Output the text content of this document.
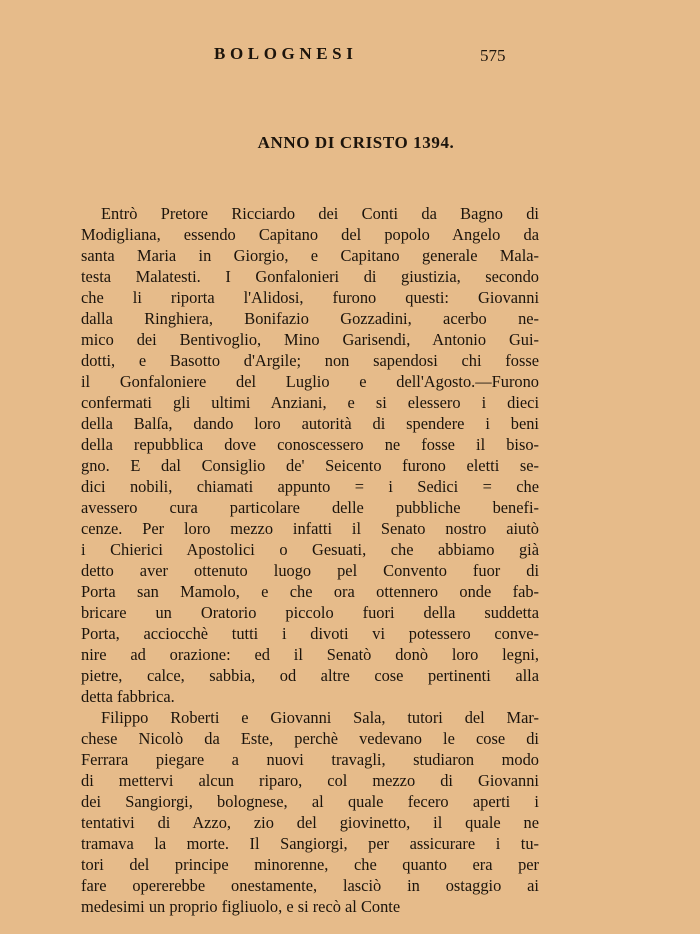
BOLOGNESI	575
ANNO DI CRISTO 1394.
Entrò Pretore Ricciardo dei Conti da Bagno di
Modigliana, essendo Capitano del popolo Angelo da
santa Maria in Giorgio, e Capitano generale Mala-
testa Malatesti. I Gonfalonieri di giustizia, secondo
che li riporta l'Alidosi, furono questi: Giovanni
dalla Ringhiera, Bonifazio Gozzadini, acerbo ne-
mico dei Bentivoglio, Mino Garisendi, Antonio Gui-
dotti, e Basotto d'Argile; non sapendosi chi fosse
il Gonfaloniere del Luglio e dell'Agosto.—Furono
confermati gli ultimi Anziani, e si elessero i dieci
della Balſa, dando loro autorità di spendere i beni
della repubblica dove conoscessero ne fosse il biso-
gno. E dal Consiglio de' Seicento furono eletti se-
dici nobili, chiamati appunto = i Sedici = che
avessero cura particolare delle pubbliche benefi-
cenze. Per loro mezzo infatti il Senato nostro aiutò
i Chierici Apostolici o Gesuati, che abbiamo già
detto aver ottenuto luogo pel Convento fuor di
Porta san Mamolo, e che ora ottennero onde fab-
bricare un Oratorio piccolo fuori della suddetta
Porta, acciocchè tutti i divoti vi potessero conve-
nire ad orazione: ed il Senatò donò loro legni,
pietre, calce, sabbia, od altre cose pertinenti alla
detta fabbrica.
Filippo Roberti e Giovanni Sala, tutori del Mar-
chese Nicolò da Este, perchè vedevano le cose di
Ferrara piegare a nuovi travagli, studiaron modo
di mettervi alcun riparo, col mezzo di Giovanni
dei Sangiorgi, bolognese, al quale fecero aperti i
tentativi di Azzo, zio del giovinetto, il quale ne
tramava la morte. Il Sangiorgi, per assicurare i tu-
tori del principe minorenne, che quanto era per
fare opererebbe onestamente, lasciò in ostaggio ai
medesimi un proprio figliuolo, e si recò al Conte
